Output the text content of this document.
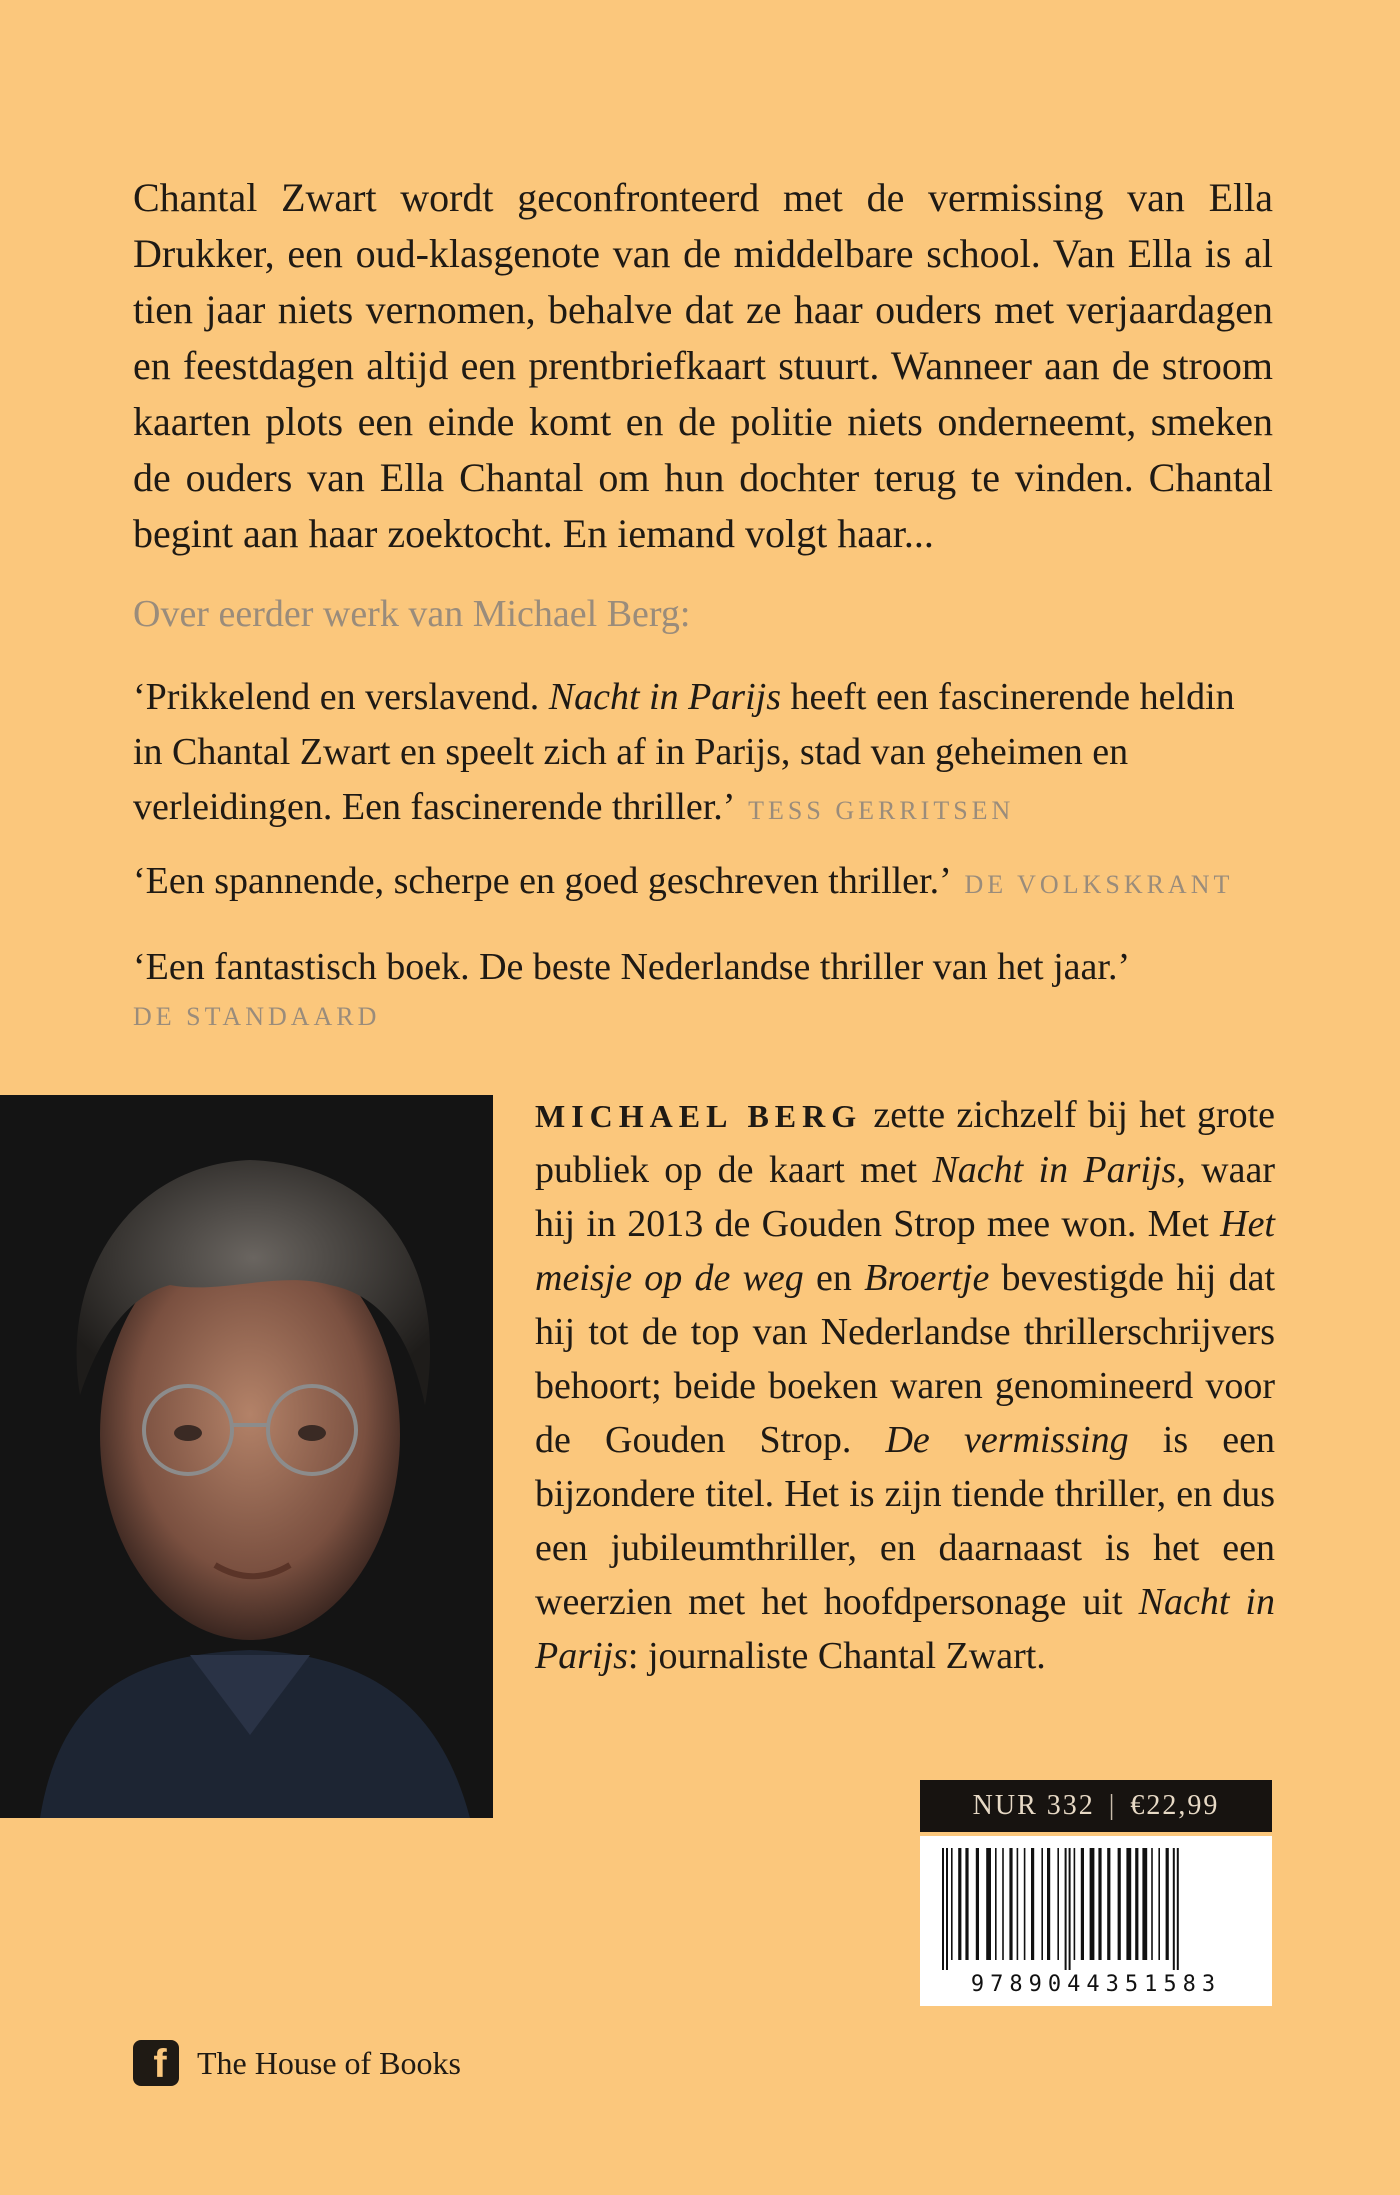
Chantal Zwart wordt geconfronteerd met de vermissing van Ella Drukker, een oud-klasgenote van de middelbare school. Van Ella is al tien jaar niets vernomen, behalve dat ze haar ouders met verjaardagen en feestdagen altijd een prentbriefkaart stuurt. Wanneer aan de stroom kaarten plots een einde komt en de politie niets onderneemt, smeken de ouders van Ella Chantal om hun dochter terug te vinden. Chantal begint aan haar zoektocht. En iemand volgt haar...

Over eerder werk van Michael Berg:
‘Prikkelend en verslavend. Nacht in Parijs heeft een fascinerende heldin in Chantal Zwart en speelt zich af in Parijs, stad van geheimen en verleidingen. Een fascinerende thriller.’ TESS GERRITSEN
‘Een spannende, scherpe en goed geschreven thriller.’ DE VOLKSKRANT
‘Een fantastisch boek. De beste Nederlandse thriller van het jaar.’
DE STANDAARD
MICHAEL BERG zette zichzelf bij het grote publiek op de kaart met Nacht in Parijs, waar hij in 2013 de Gouden Strop mee won. Met Het meisje op de weg en Broertje bevestigde hij dat hij tot de top van Nederlandse thrillerschrijvers behoort; beide boeken waren genomineerd voor de Gouden Strop. De vermissing is een bijzondere titel. Het is zijn tiende thriller, en dus een jubileumthriller, en daarnaast is het een weerzien met het hoofdpersonage uit Nacht in Parijs: journaliste Chantal Zwart.
NUR 332 | €22,99
9789044351583
f The House of Books
